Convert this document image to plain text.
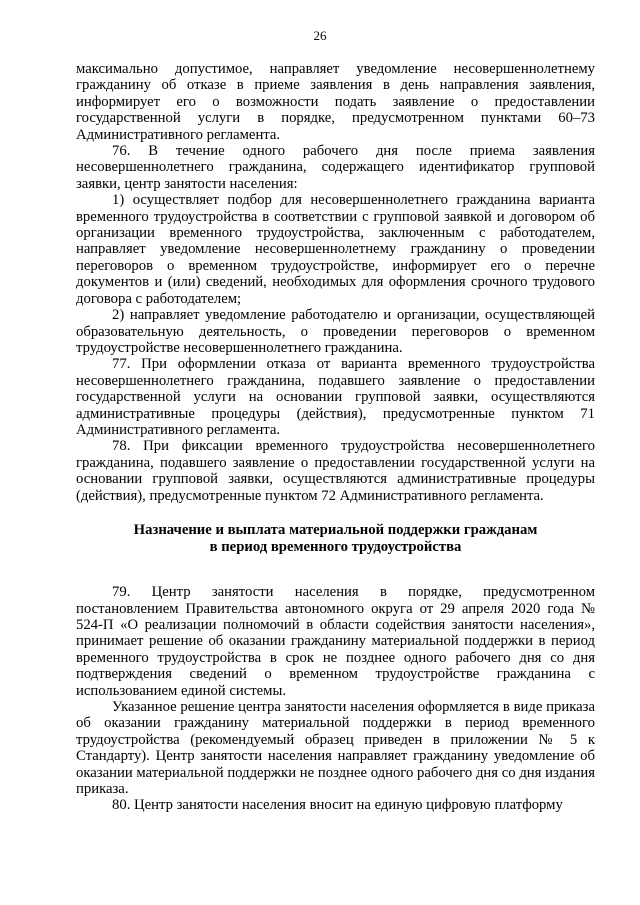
26

максимально допустимое, направляет уведомление несовершеннолетнему гражданину об отказе в приеме заявления в день направления заявления, информирует его о возможности подать заявление о предоставлении государственной услуги в порядке, предусмотренном пунктами 60–73 Административного регламента.

76. В течение одного рабочего дня после приема заявления несовершеннолетнего гражданина, содержащего идентификатор групповой заявки, центр занятости населения:

1) осуществляет подбор для несовершеннолетнего гражданина варианта временного трудоустройства в соответствии с групповой заявкой и договором об организации временного трудоустройства, заключенным с работодателем, направляет уведомление несовершеннолетнему гражданину о проведении переговоров о временном трудоустройстве, информирует его о перечне документов и (или) сведений, необходимых для оформления срочного трудового договора с работодателем;

2) направляет уведомление работодателю и организации, осуществляющей образовательную деятельность, о проведении переговоров о временном трудоустройстве несовершеннолетнего гражданина.

77. При оформлении отказа от варианта временного трудоустройства несовершеннолетнего гражданина, подавшего заявление о предоставлении государственной услуги на основании групповой заявки, осуществляются административные процедуры (действия), предусмотренные пунктом 71 Административного регламента.

78. При фиксации временного трудоустройства несовершеннолетнего гражданина, подавшего заявление о предоставлении государственной услуги на основании групповой заявки, осуществляются административные процедуры (действия), предусмотренные пунктом 72 Административного регламента.

Назначение и выплата материальной поддержки гражданам
в период временного трудоустройства

79. Центр занятости населения в порядке, предусмотренном постановлением Правительства автономного округа от 29 апреля 2020 года № 524-П «О реализации полномочий в области содействия занятости населения», принимает решение об оказании гражданину материальной поддержки в период временного трудоустройства в срок не позднее одного рабочего дня со дня подтверждения сведений о временном трудоустройстве гражданина с использованием единой системы.

Указанное решение центра занятости населения оформляется в виде приказа об оказании гражданину материальной поддержки в период временного трудоустройства (рекомендуемый образец приведен в приложении № 5 к Стандарту). Центр занятости населения направляет гражданину уведомление об оказании материальной поддержки не позднее одного рабочего дня со дня издания приказа.

80. Центр занятости населения вносит на единую цифровую платформу
